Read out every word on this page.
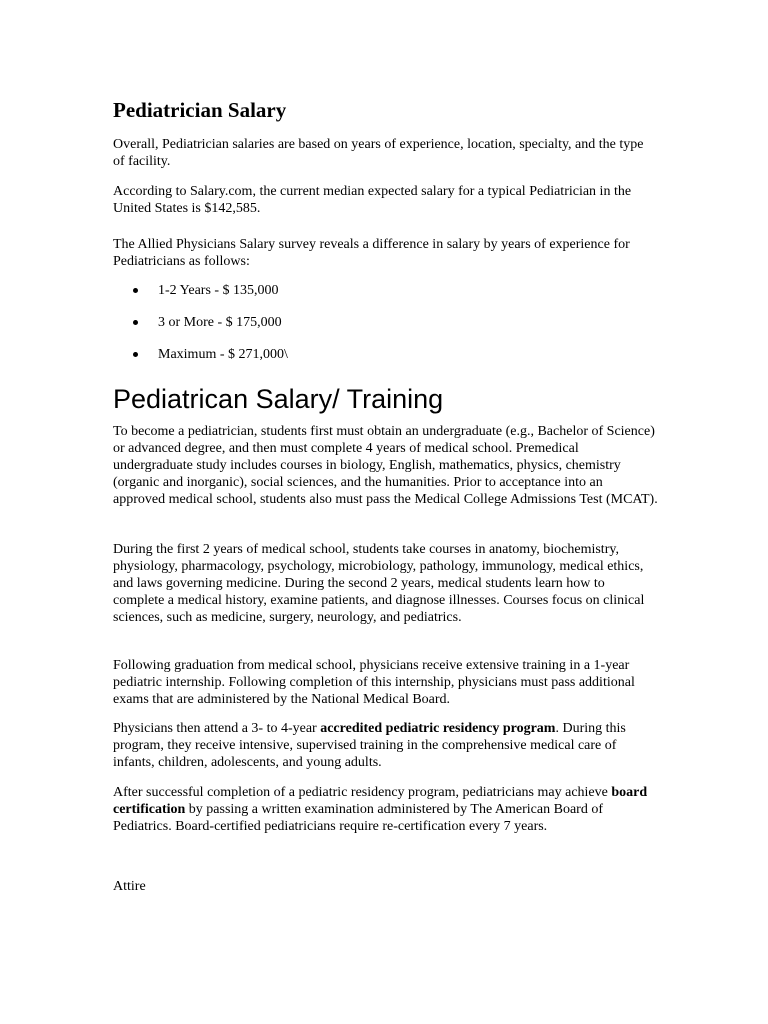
Pediatrician Salary

Overall, Pediatrician salaries are based on years of experience, location, specialty, and the type of facility.

According to Salary.com, the current median expected salary for a typical Pediatrician in the United States is $142,585.

The Allied Physicians Salary survey reveals a difference in salary by years of experience for Pediatricians as follows:

1-2 Years - $ 135,000
3 or More - $ 175,000
Maximum - $ 271,000\
Pediatrican Salary/ Training

To become a pediatrician, students first must obtain an undergraduate (e.g., Bachelor of Science) or advanced degree, and then must complete 4 years of medical school. Premedical undergraduate study includes courses in biology, English, mathematics, physics, chemistry (organic and inorganic), social sciences, and the humanities. Prior to acceptance into an approved medical school, students also must pass the Medical College Admissions Test (MCAT).

During the first 2 years of medical school, students take courses in anatomy, biochemistry, physiology, pharmacology, psychology, microbiology, pathology, immunology, medical ethics, and laws governing medicine. During the second 2 years, medical students learn how to complete a medical history, examine patients, and diagnose illnesses. Courses focus on clinical sciences, such as medicine, surgery, neurology, and pediatrics.

Following graduation from medical school, physicians receive extensive training in a 1-year pediatric internship. Following completion of this internship, physicians must pass additional exams that are administered by the National Medical Board.

Physicians then attend a 3- to 4-year accredited pediatric residency program. During this program, they receive intensive, supervised training in the comprehensive medical care of infants, children, adolescents, and young adults.

After successful completion of a pediatric residency program, pediatricians may achieve board certification by passing a written examination administered by The American Board of Pediatrics. Board-certified pediatricians require re-certification every 7 years.

Attire
